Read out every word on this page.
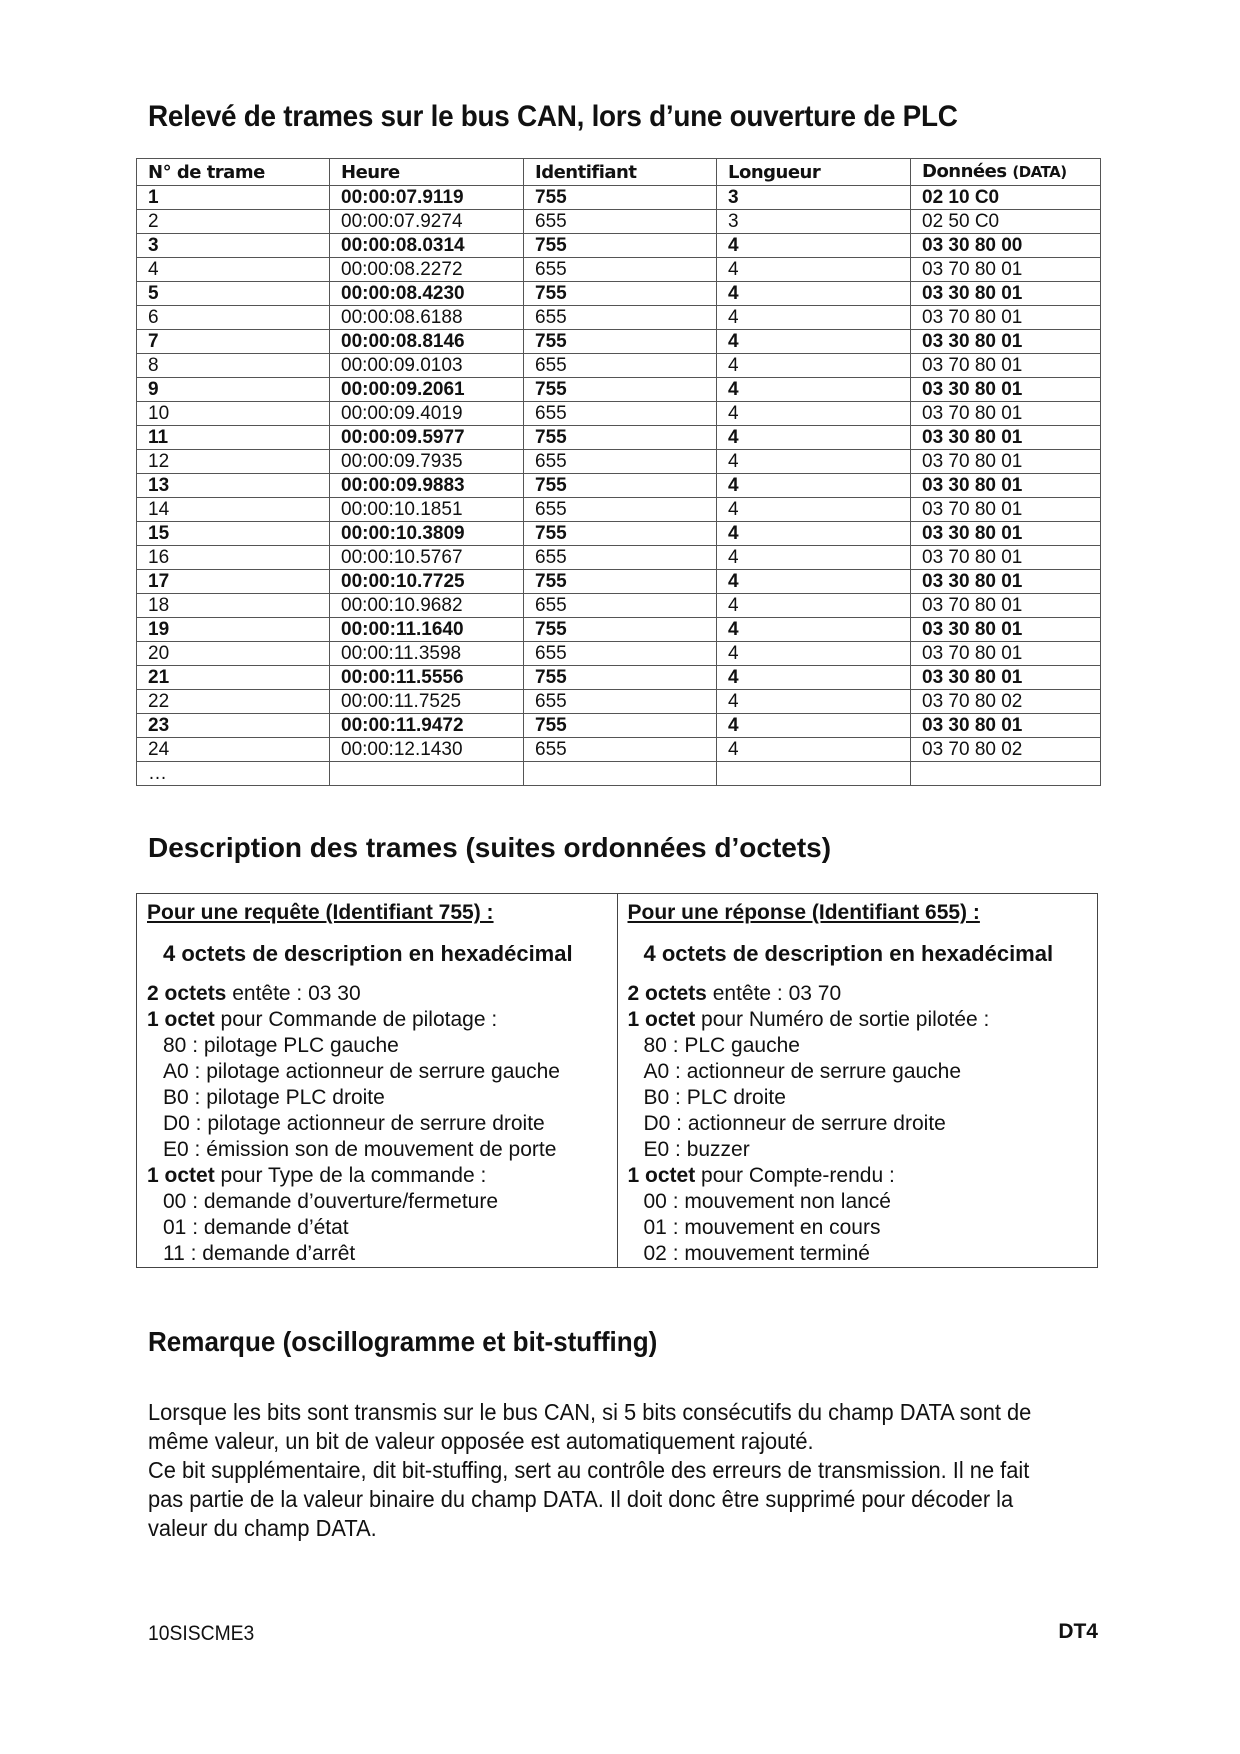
Relevé de trames sur le bus CAN, lors d’une ouverture de PLC
N° de trame	Heure	Identifiant	Longueur	Données (DATA)
1	00:00:07.9119	755	3	02 10 C0
2	00:00:07.9274	655	3	02 50 C0
3	00:00:08.0314	755	4	03 30 80 00
4	00:00:08.2272	655	4	03 70 80 01
5	00:00:08.4230	755	4	03 30 80 01
6	00:00:08.6188	655	4	03 70 80 01
7	00:00:08.8146	755	4	03 30 80 01
8	00:00:09.0103	655	4	03 70 80 01
9	00:00:09.2061	755	4	03 30 80 01
10	00:00:09.4019	655	4	03 70 80 01
11	00:00:09.5977	755	4	03 30 80 01
12	00:00:09.7935	655	4	03 70 80 01
13	00:00:09.9883	755	4	03 30 80 01
14	00:00:10.1851	655	4	03 70 80 01
15	00:00:10.3809	755	4	03 30 80 01
16	00:00:10.5767	655	4	03 70 80 01
17	00:00:10.7725	755	4	03 30 80 01
18	00:00:10.9682	655	4	03 70 80 01
19	00:00:11.1640	755	4	03 30 80 01
20	00:00:11.3598	655	4	03 70 80 01
21	00:00:11.5556	755	4	03 30 80 01
22	00:00:11.7525	655	4	03 70 80 02
23	00:00:11.9472	755	4	03 30 80 01
24	00:00:12.1430	655	4	03 70 80 02
…				
Description des trames (suites ordonnées d’octets)
Pour une requête (Identifiant 755) :
4 octets de description en hexadécimal
2 octets entête : 03 30
1 octet pour Commande de pilotage :
80 : pilotage PLC gauche
A0 : pilotage actionneur de serrure gauche
B0 : pilotage PLC droite
D0 : pilotage actionneur de serrure droite
E0 : émission son de mouvement de porte
1 octet pour Type de la commande :
00 : demande d’ouverture/fermeture
01 : demande d’état
11 : demande d’arrêt
Pour une réponse (Identifiant 655) :
4 octets de description en hexadécimal
2 octets entête : 03 70
1 octet pour Numéro de sortie pilotée :
80 : PLC gauche
A0 : actionneur de serrure gauche
B0 : PLC droite
D0 : actionneur de serrure droite
E0 : buzzer
1 octet pour Compte-rendu :
00 : mouvement non lancé
01 : mouvement en cours
02 : mouvement terminé
Remarque (oscillogramme et bit-stuffing)

Lorsque les bits sont transmis sur le bus CAN, si 5 bits consécutifs du champ DATA sont de même valeur, un bit de valeur opposée est automatiquement rajouté.

Ce bit supplémentaire, dit bit-stuffing, sert au contrôle des erreurs de transmission. Il ne fait pas partie de la valeur binaire du champ DATA. Il doit donc être supprimé pour décoder la valeur du champ DATA.

10SISCME3	DT4
